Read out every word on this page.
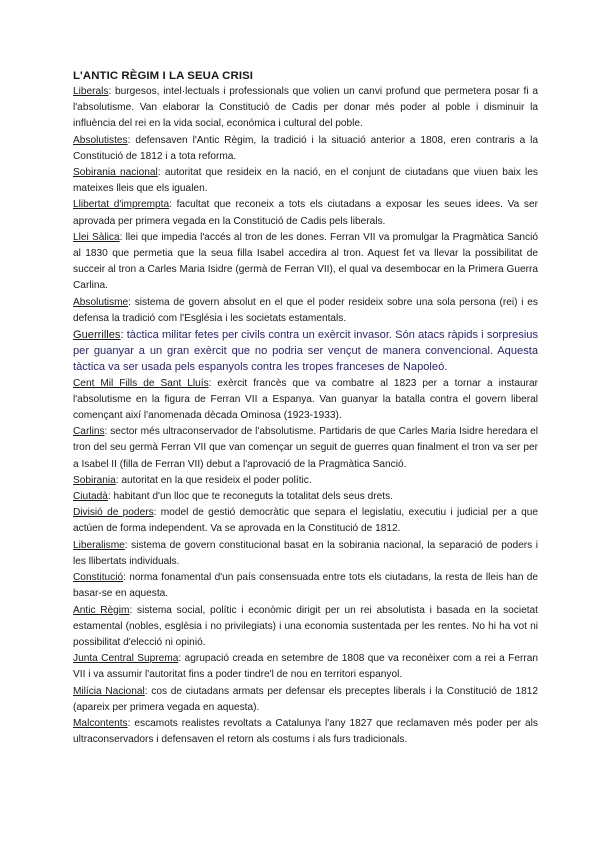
L'ANTIC RÈGIM I LA SEUA CRISI

Liberals: burgesos, intel·lectuals i professionals que volien un canvi profund que permetera posar fi a l'absolutisme. Van elaborar la Constitució de Cadis per donar més poder al poble i disminuir la influència del rei en la vida social, económica i cultural del poble.

Absolutistes: defensaven l'Antic Règim, la tradició i la situació anterior a 1808, eren contraris a la Constitució de 1812 i a tota reforma.

Sobirania nacional: autoritat que resideix en la nació, en el conjunt de ciutadans que viuen baix les mateixes lleis que els igualen.

Llibertat d'imprempta: facultat que reconeix a tots els ciutadans a exposar les seues idees. Va ser aprovada per primera vegada en la Constitució de Cadis pels liberals.

Llei Sàlica: llei que impedia l'accés al tron de les dones. Ferran VII va promulgar la Pragmàtica Sanció al 1830 que permetia que la seua filla Isabel accedira al tron. Aquest fet va llevar la possibilitat de succeir al tron a Carles Maria Isidre (germà de Ferran VII), el qual va desembocar en la Primera Guerra Carlina.

Absolutisme: sistema de govern absolut en el que el poder resideix sobre una sola persona (rei) i es defensa la tradició com l'Església i les societats estamentals.

Guerrilles: tàctica militar fetes per civils contra un exèrcit invasor. Són atacs ràpids i sorpresius per guanyar a un gran exèrcit que no podria ser vençut de manera convencional. Aquesta tàctica va ser usada pels espanyols contra les tropes franceses de Napoleó.

Cent Mil Fills de Sant Lluís: exèrcit francès que va combatre al 1823 per a tornar a instaurar l'absolutisme en la figura de Ferran VII a Espanya. Van guanyar la batalla contra el govern liberal començant així l'anomenada dècada Ominosa (1923-1933).

Carlins: sector més ultraconservador de l'absolutisme. Partidaris de que Carles Maria Isidre heredara el tron del seu germà Ferran VII que van començar un seguit de guerres quan finalment el tron va ser per a Isabel II (filla de Ferran VII) debut a l'aprovació de la Pragmàtica Sanció.

Sobirania: autoritat en la que resideix el poder polític.

Ciutadà: habitant d'un lloc que te reconeguts la totalitat dels seus drets.

Divisió de poders: model de gestió democràtic que separa el legislatiu, executiu i judicial per a que actúen de forma independent. Va se aprovada en la Constitució de 1812.

Liberalisme: sistema de govern constitucional basat en la sobirania nacional, la separació de poders i les llibertats individuals.

Constitució: norma fonamental d'un país consensuada entre tots els ciutadans, la resta de lleis han de basar-se en aquesta.

Antic Règim: sistema social, polític i econòmic dirigit per un rei absolutista i basada en la societat estamental (nobles, esglèsia i no privilegiats) i una economia sustentada per les rentes. No hi ha vot ni possibilitat d'elecció ni opinió.

Junta Central Suprema: agrupació creada en setembre de 1808 que va reconèixer com a rei a Ferran VII i va assumir l'autoritat fins a poder tindre'l de nou en territori espanyol.

Milícia Nacional: cos de ciutadans armats per defensar els preceptes liberals i la Constitució de 1812 (apareix per primera vegada en aquesta).

Malcontents: escamots realistes revoltats a Catalunya l'any 1827 que reclamaven més poder per als ultraconservadors i defensaven el retorn als costums i als furs tradicionals.
